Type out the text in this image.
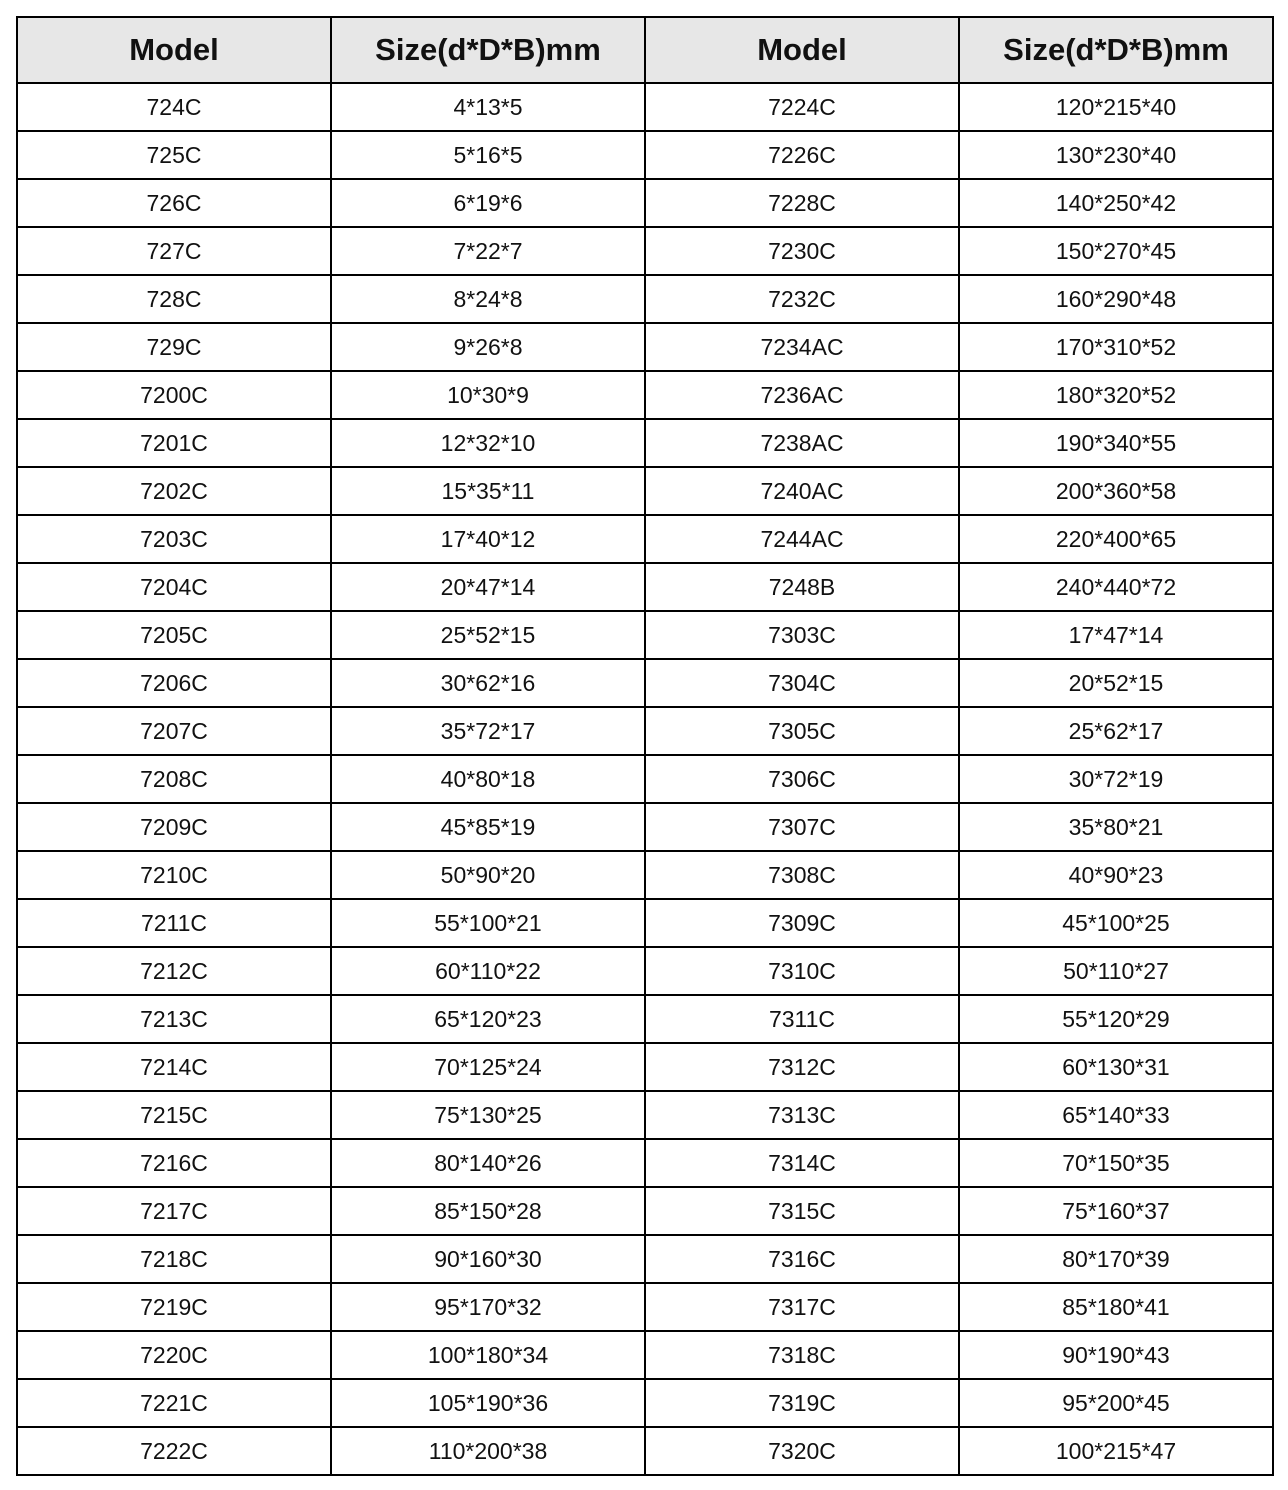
Model	Size(d*D*B)mm	Model	Size(d*D*B)mm
724C	4*13*5	7224C	120*215*40
725C	5*16*5	7226C	130*230*40
726C	6*19*6	7228C	140*250*42
727C	7*22*7	7230C	150*270*45
728C	8*24*8	7232C	160*290*48
729C	9*26*8	7234AC	170*310*52
7200C	10*30*9	7236AC	180*320*52
7201C	12*32*10	7238AC	190*340*55
7202C	15*35*11	7240AC	200*360*58
7203C	17*40*12	7244AC	220*400*65
7204C	20*47*14	7248B	240*440*72
7205C	25*52*15	7303C	17*47*14
7206C	30*62*16	7304C	20*52*15
7207C	35*72*17	7305C	25*62*17
7208C	40*80*18	7306C	30*72*19
7209C	45*85*19	7307C	35*80*21
7210C	50*90*20	7308C	40*90*23
7211C	55*100*21	7309C	45*100*25
7212C	60*110*22	7310C	50*110*27
7213C	65*120*23	7311C	55*120*29
7214C	70*125*24	7312C	60*130*31
7215C	75*130*25	7313C	65*140*33
7216C	80*140*26	7314C	70*150*35
7217C	85*150*28	7315C	75*160*37
7218C	90*160*30	7316C	80*170*39
7219C	95*170*32	7317C	85*180*41
7220C	100*180*34	7318C	90*190*43
7221C	105*190*36	7319C	95*200*45
7222C	110*200*38	7320C	100*215*47
